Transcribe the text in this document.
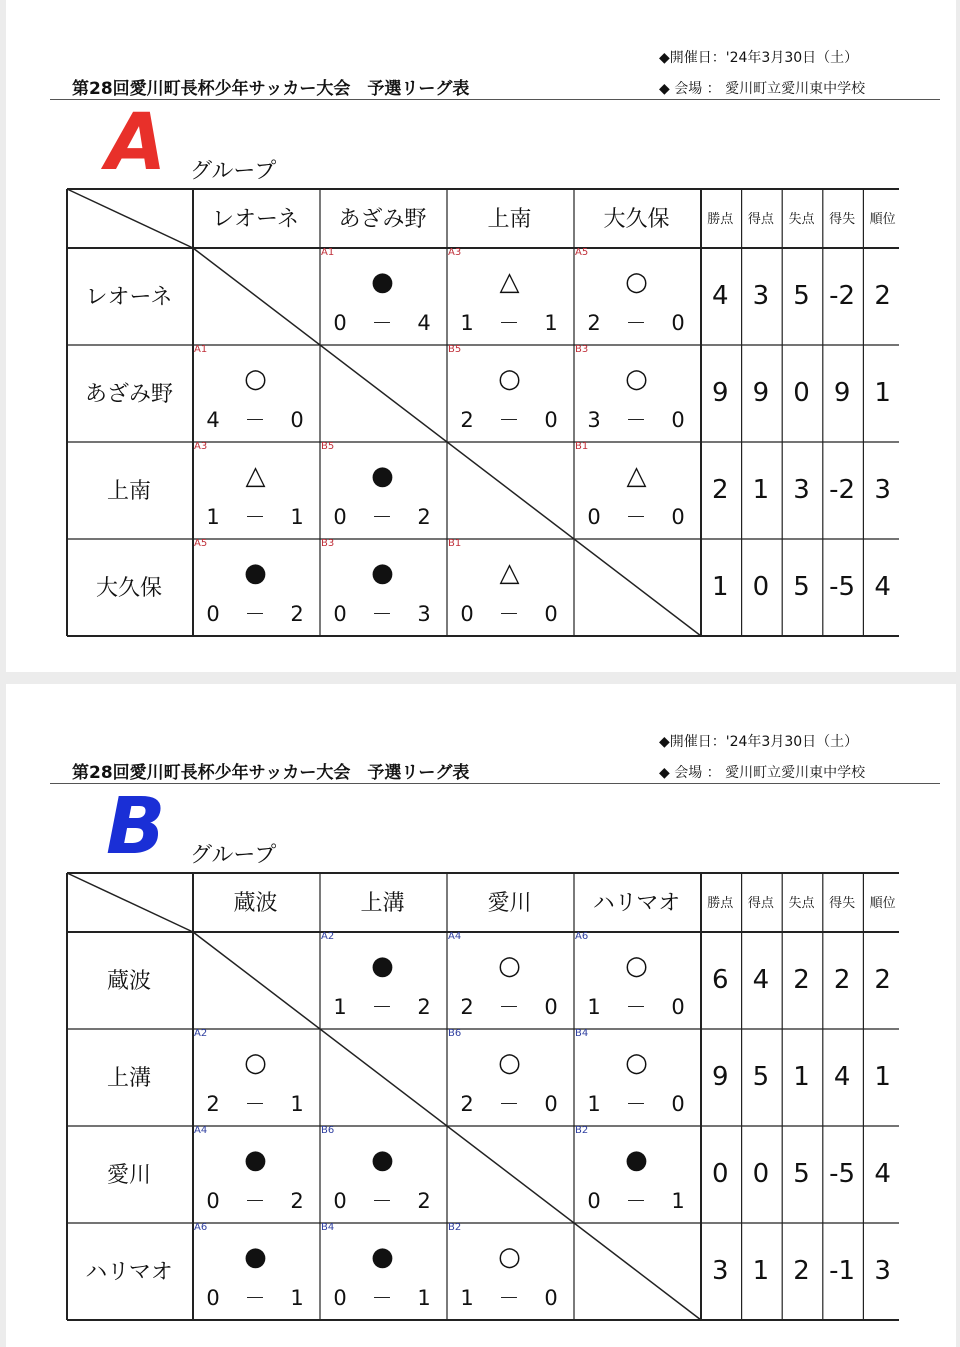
◆開催日：'24年3月30日（土）
◆ 会場 ： 愛川町立愛川東中学校
第28回愛川町長杯少年サッカー大会　予選リーグ表
A グループ
レオーネ	あざみ野	上南	大久保	勝点	得点	失点	得失	順位
レオーネ
A1
●
0	－	4
A3
△
1	－	1
A5
○
2	－	0
4 3 5 -2 2
あざみ野
A1
○
4	－	0
B5
○
2	－	0
B3
○
3	－	0
9 9 0 9 1
上南
A3
△
1	－	1
B5
●
0	－	2
B1
△
0	－	0
2 1 3 -2 3
大久保
A5
●
0	－	2
B3
●
0	－	3
B1
△
0	－	0
1 0 5 -5 4
◆開催日：'24年3月30日（土）
◆ 会場 ： 愛川町立愛川東中学校
第28回愛川町長杯少年サッカー大会　予選リーグ表
B グループ
蔵波	上溝	愛川	ハリマオ	勝点	得点	失点	得失	順位
蔵波
A2
●
1	－	2
A4
○
2	－	0
A6
○
1	－	0
6 4 2 2 2
上溝
A2
○
2	－	1
B6
○
2	－	0
B4
○
1	－	0
9 5 1 4 1
愛川
A4
●
0	－	2
B6
●
0	－	2
B2
●
0	－	1
0 0 5 -5 4
ハリマオ
A6
●
0	－	1
B4
●
0	－	1
B2
○
1	－	0
3 1 2 -1 3
